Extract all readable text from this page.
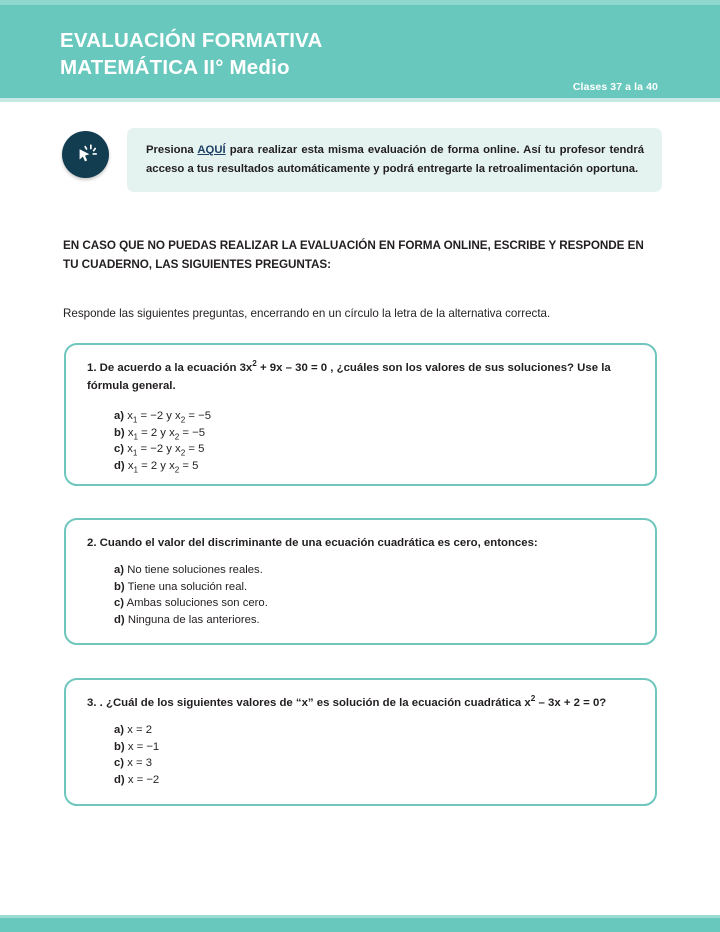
EVALUACIÓN FORMATIVA
MATEMÁTICA II° Medio
Clases 37 a la 40

Presiona AQUÍ para realizar esta misma evaluación de forma online. Así tu profesor tendrá acceso a tus resultados automáticamente y podrá entregarte la retroalimentación oportuna.

EN CASO QUE NO PUEDAS REALIZAR LA EVALUACIÓN EN FORMA ONLINE, ESCRIBE Y RESPONDE EN TU CUADERNO, LAS SIGUIENTES PREGUNTAS:
Responde las siguientes preguntas, encerrando en un círculo la letra de la alternativa correcta.
1. De acuerdo a la ecuación $3x^2 + 9x - 30 = 0$ , ¿cuáles son los valores de sus soluciones? Use la fórmula general.
a) $x_1 = -2$ y $x_2 = -5$
b) $x_1 = 2$ y $x_2 = -5$
c) $x_1 = -2$ y $x_2 = 5$
d) $x_1 = 2$ y $x_2 = 5$
2. Cuando el valor del discriminante de una ecuación cuadrática es cero, entonces:
a) No tiene soluciones reales.
b) Tiene una solución real.
c) Ambas soluciones son cero.
d) Ninguna de las anteriores.
3. . ¿Cuál de los siguientes valores de “x” es solución de la ecuación cuadrática $x^2 - 3x + 2 = 0$?
a) x = 2
b) x = −1
c) x = 3
d) x = −2
